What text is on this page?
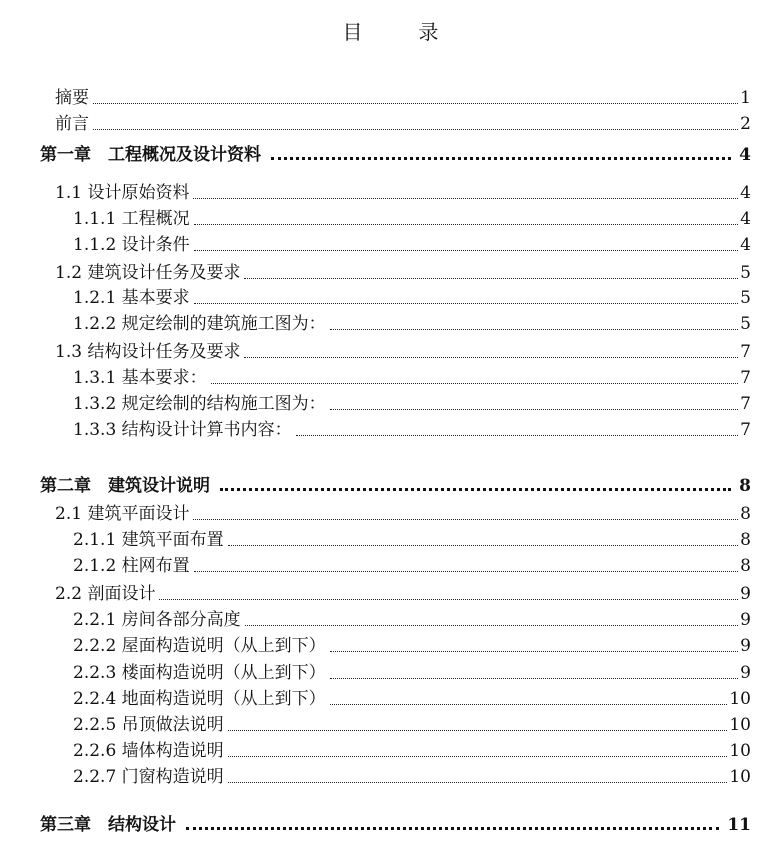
目　录
摘要	1
前言	2
第一章　工程概况及设计资料	4
1.1 设计原始资料	4
1.1.1 工程概况	4
1.1.2 设计条件	4
1.2 建筑设计任务及要求	5
1.2.1 基本要求	5
1.2.2 规定绘制的建筑施工图为：	5
1.3 结构设计任务及要求	7
1.3.1 基本要求：	7
1.3.2 规定绘制的结构施工图为：	7
1.3.3 结构设计计算书内容：	7
第二章　建筑设计说明	8
2.1 建筑平面设计	8
2.1.1 建筑平面布置	8
2.1.2 柱网布置	8
2.2 剖面设计	9
2.2.1 房间各部分高度	9
2.2.2 屋面构造说明（从上到下）	9
2.2.3 楼面构造说明（从上到下）	9
2.2.4 地面构造说明（从上到下）	10
2.2.5 吊顶做法说明	10
2.2.6 墙体构造说明	10
2.2.7 门窗构造说明	10
第三章　结构设计	11
